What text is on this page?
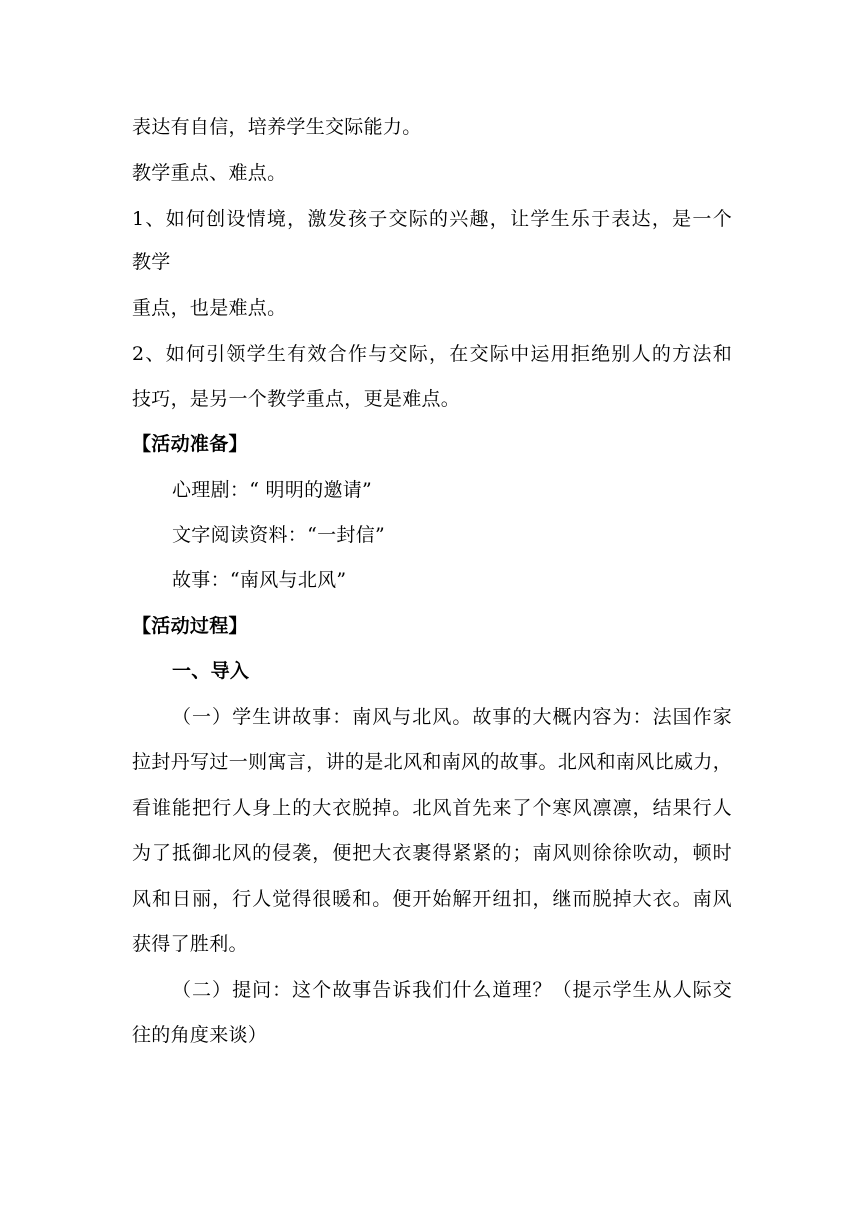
表达有自信，培养学生交际能力。
教学重点、难点。
1、如何创设情境，激发孩子交际的兴趣，让学生乐于表达，是一个
教学
重点，也是难点。
2、如何引领学生有效合作与交际，在交际中运用拒绝别人的方法和
技巧，是另一个教学重点，更是难点。
【活动准备】
心理剧：“ 明明的邀请”
文字阅读资料：“一封信”
故事：“南风与北风”
【活动过程】
一、导入
（一）学生讲故事：南风与北风。故事的大概内容为：法国作家
拉封丹写过一则寓言，讲的是北风和南风的故事。北风和南风比威力，
看谁能把行人身上的大衣脱掉。北风首先来了个寒风凛凛，结果行人
为了抵御北风的侵袭，便把大衣裹得紧紧的；南风则徐徐吹动，顿时
风和日丽，行人觉得很暖和。便开始解开纽扣，继而脱掉大衣。南风
获得了胜利。
（二）提问：这个故事告诉我们什么道理？（提示学生从人际交
往的角度来谈）
